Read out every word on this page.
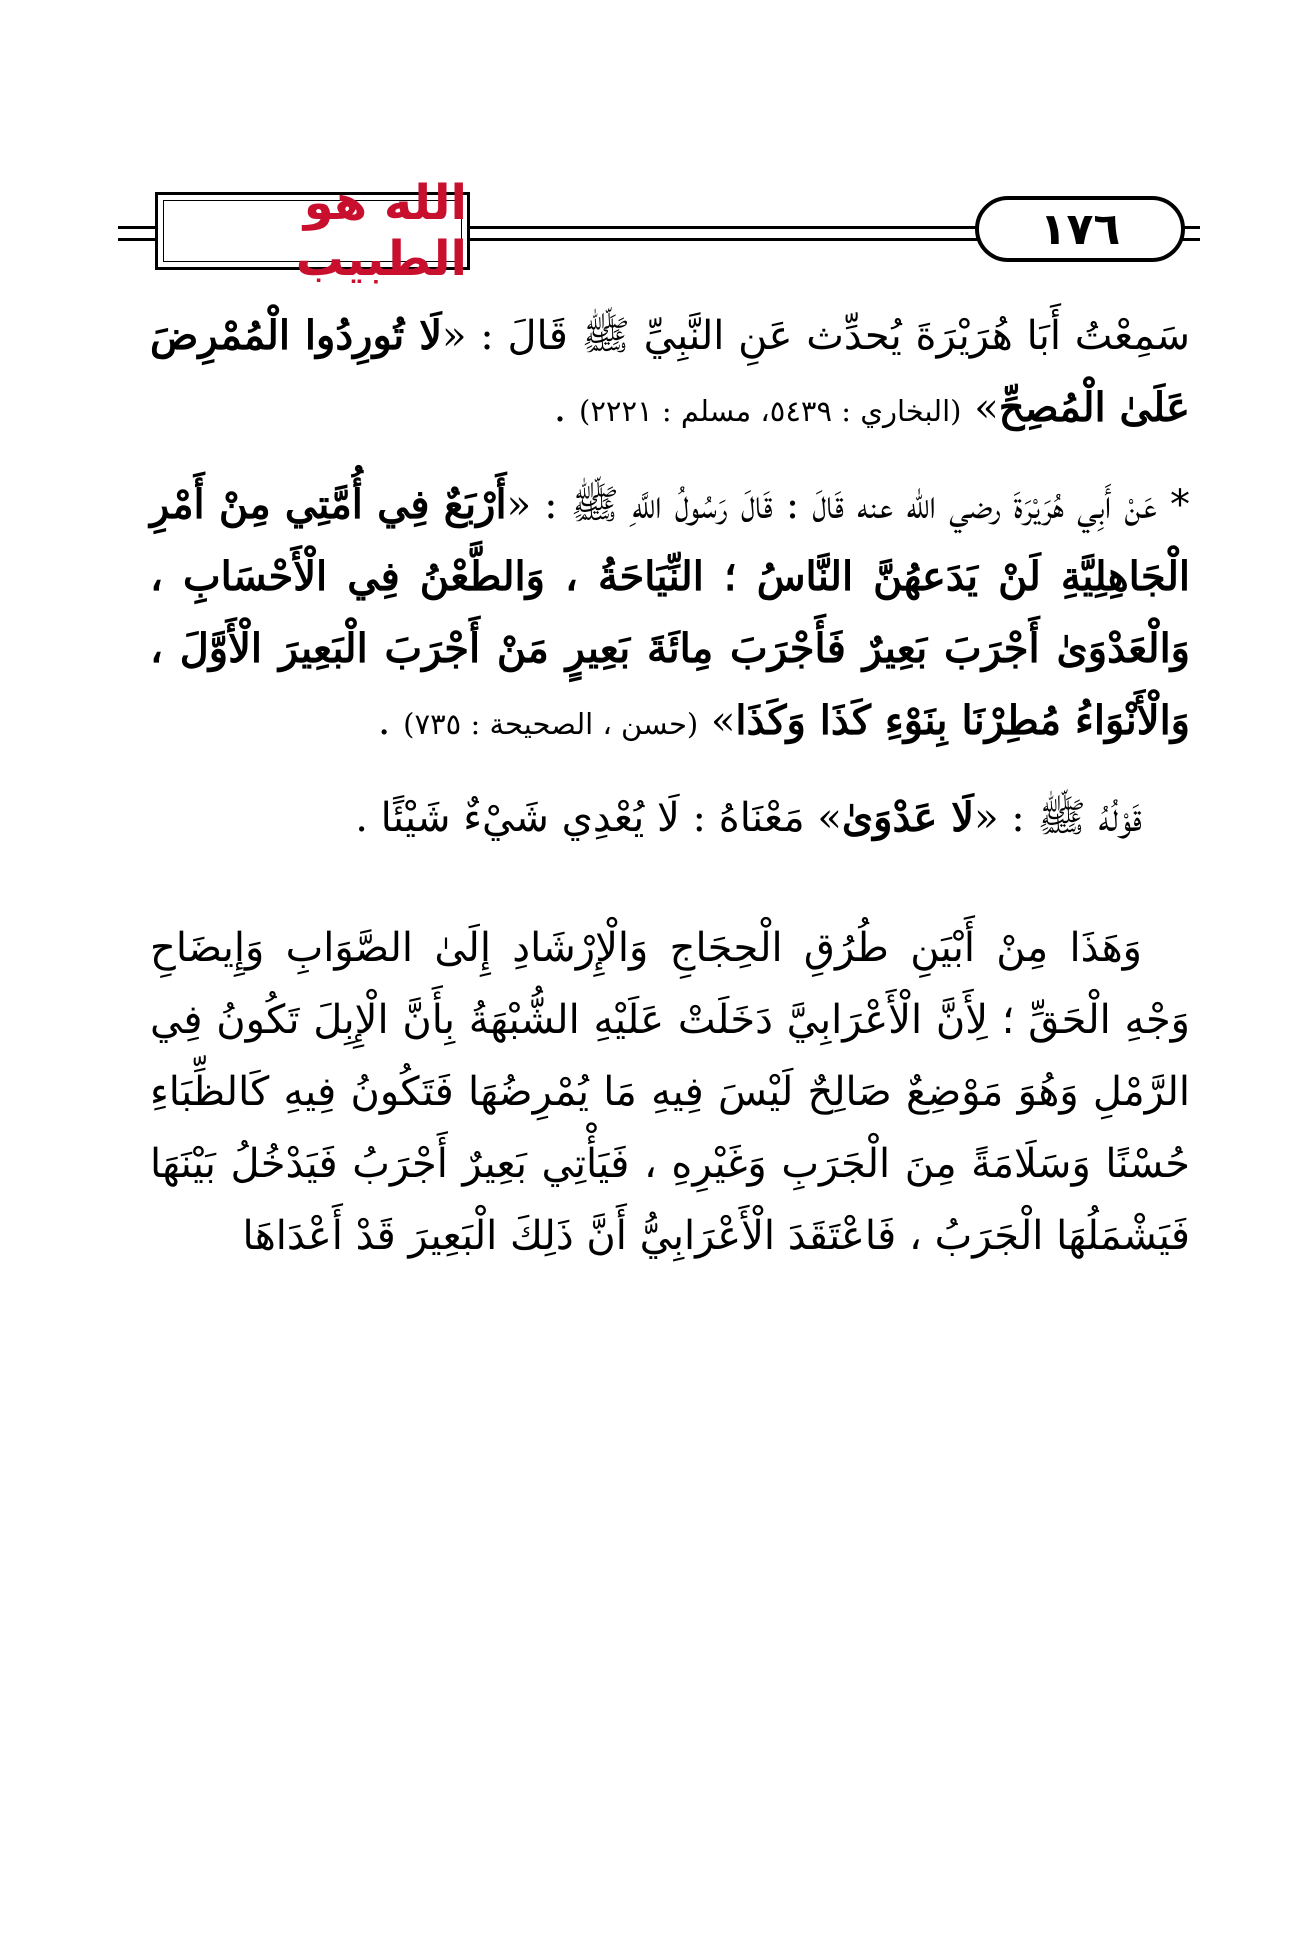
الله هو الطبيب
١٧٦

سَمِعْتُ أَبَا هُرَيْرَةَ يُحدِّث عَنِ النَّبِيِّ ﷺ قَالَ : «لَا تُورِدُوا الْمُمْرِضَ عَلَىٰ الْمُصِحِّ» (البخاري : ٥٤٣٩، مسلم : ٢٢٢١) .

* عَنْ أَبِي هُرَيْرَةَ رضي الله عنه قَالَ : قَالَ رَسُولُ اللَّهِ ﷺ : «أَرْبَعٌ فِي أُمَّتِي مِنْ أَمْرِ الْجَاهِلِيَّةِ لَنْ يَدَعهُنَّ النَّاسُ ؛ النِّيَاحَةُ ، وَالطَّعْنُ فِي الْأَحْسَابِ ، وَالْعَدْوَىٰ أَجْرَبَ بَعِيرٌ فَأَجْرَبَ مِائَةَ بَعِيرٍ مَنْ أَجْرَبَ الْبَعِيرَ الْأَوَّلَ ، وَالْأَنْوَاءُ مُطِرْنَا بِنَوْءِ كَذَا وَكَذَا» (حسن ، الصحيحة : ٧٣٥) .

قَوْلُهُ ﷺ : «لَا عَدْوَىٰ» مَعْنَاهُ : لَا يُعْدِي شَيْءٌ شَيْئًا .

وَهَذَا مِنْ أَبْيَنِ طُرُقِ الْحِجَاجِ وَالْإِرْشَادِ إِلَىٰ الصَّوَابِ وَإِيضَاحِ وَجْهِ الْحَقِّ ؛ لِأَنَّ الْأَعْرَابِيَّ دَخَلَتْ عَلَيْهِ الشُّبْهَةُ بِأَنَّ الْإِبِلَ تَكُونُ فِي الرَّمْلِ وَهُوَ مَوْضِعٌ صَالِحٌ لَيْسَ فِيهِ مَا يُمْرِضُهَا فَتَكُونُ فِيهِ كَالظِّبَاءِ حُسْنًا وَسَلَامَةً مِنَ الْجَرَبِ وَغَيْرِهِ ، فَيَأْتِي بَعِيرٌ أَجْرَبُ فَيَدْخُلُ بَيْنَهَا فَيَشْمَلُهَا الْجَرَبُ ، فَاعْتَقَدَ الْأَعْرَابِيُّ أَنَّ ذَلِكَ الْبَعِيرَ قَدْ أَعْدَاهَا
